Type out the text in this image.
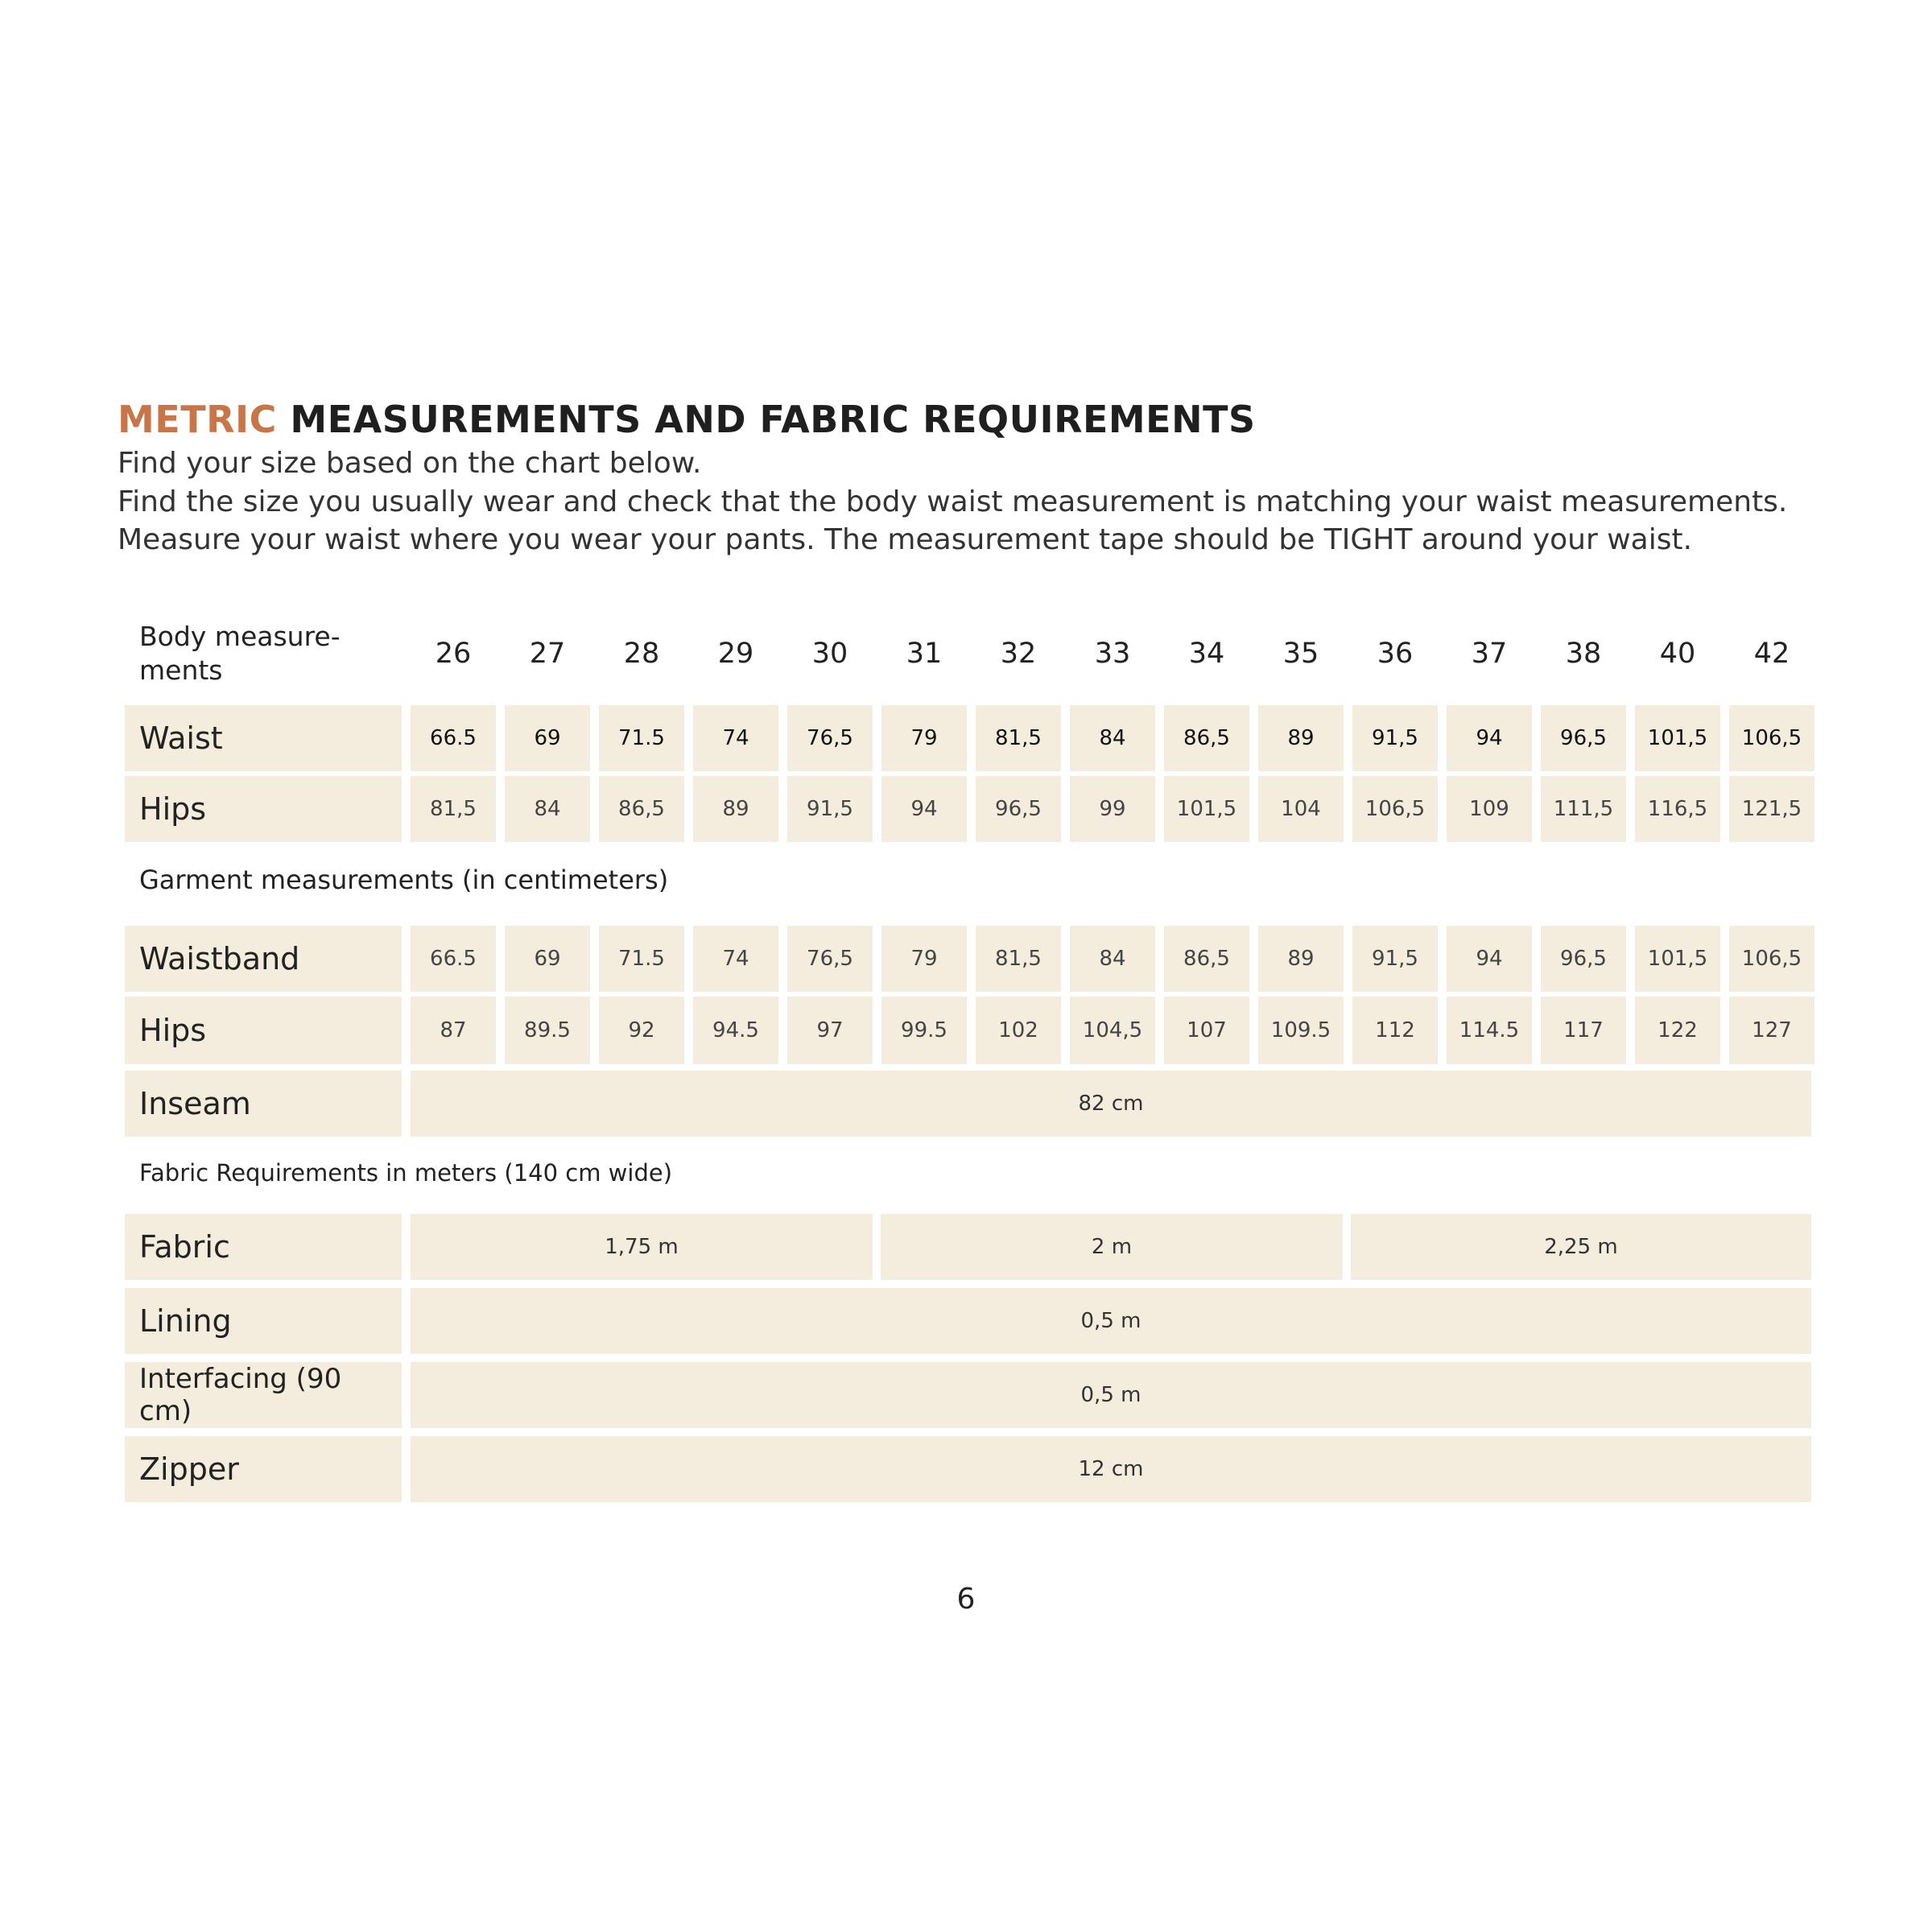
METRIC MEASUREMENTS AND FABRIC REQUIREMENTS
Find your size based on the chart below.
Find the size you usually wear and check that the body waist measurement is matching your waist measurements.
Measure your waist where you wear your pants. The measurement tape should be TIGHT around your waist.
Body measure-
ments
26	27	28	29	30	31	32	33	34	35	36	37	38	40	42
Waist	66.5	69	71.5	74	76,5	79	81,5	84	86,5	89	91,5	94	96,5	101,5	106,5
Hips	81,5	84	86,5	89	91,5	94	96,5	99	101,5	104	106,5	109	111,5	116,5	121,5
Garment measurements (in centimeters)
Waistband	66.5	69	71.5	74	76,5	79	81,5	84	86,5	89	91,5	94	96,5	101,5	106,5
Hips	87	89.5	92	94.5	97	99.5	102	104,5	107	109.5	112	114.5	117	122	127
Inseam	82 cm
Fabric Requirements in meters (140 cm wide)
Fabric	1,75 m	2 m	2,25 m
Lining	0,5 m
Interfacing (90 cm)	0,5 m
Zipper	12 cm
6
